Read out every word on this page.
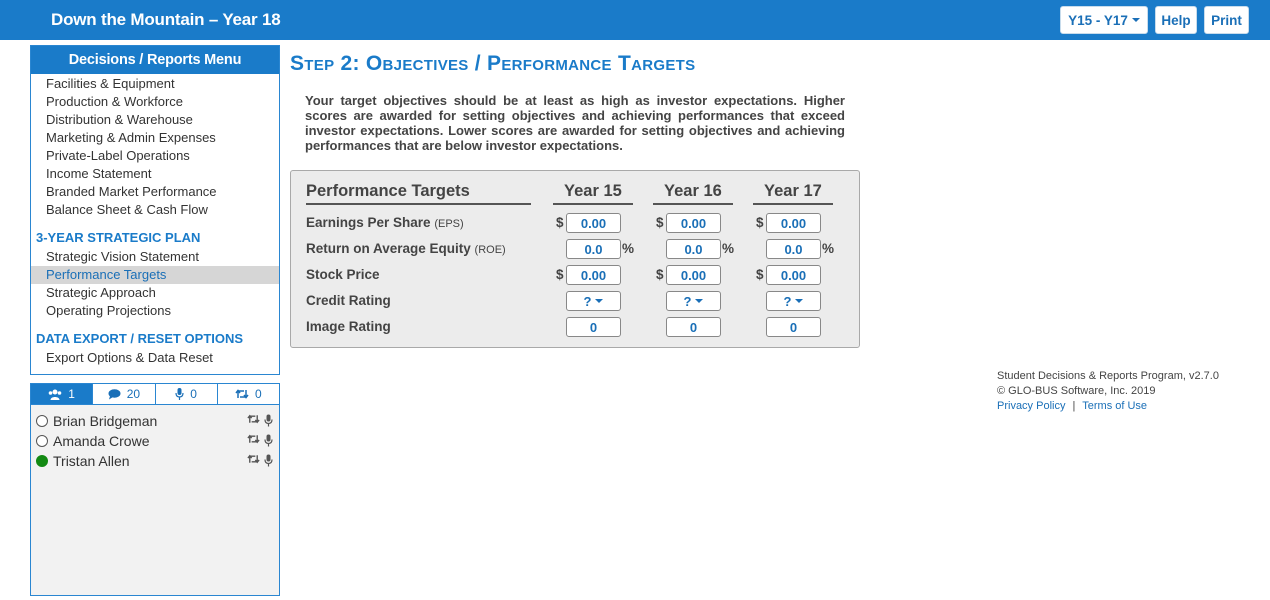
Down the Mountain – Year 18	Y15 - Y17	Help	Print
Decisions / Reports Menu
Facilities & Equipment
Production & Workforce
Distribution & Warehouse
Marketing & Admin Expenses
Private-Label Operations
Income Statement
Branded Market Performance
Balance Sheet & Cash Flow
3-YEAR STRATEGIC PLAN
Strategic Vision Statement
Performance Targets
Strategic Approach
Operating Projections
DATA EXPORT / RESET OPTIONS
Export Options & Data Reset
1	20	0	0
Brian Bridgeman
Amanda Crowe
Tristan Allen
Step 2: Objectives / Performance Targets
Your target objectives should be at least as high as investor expectations. Higher scores are awarded for setting objectives and achieving performances that exceed investor expectations. Lower scores are awarded for setting objectives and achieving performances that are below investor expectations.
Performance Targets	Year 15	Year 16	Year 17
Earnings Per Share (EPS)	$	0.00	$	0.00	$	0.00
Return on Average Equity (ROE)	0.0	%	0.0	%	0.0	%
Stock Price	$	0.00	$	0.00	$	0.00
Credit Rating	?	?	?
Image Rating	0	0	0
Student Decisions & Reports Program, v2.7.0
© GLO-BUS Software, Inc. 2019
Privacy Policy | Terms of Use
